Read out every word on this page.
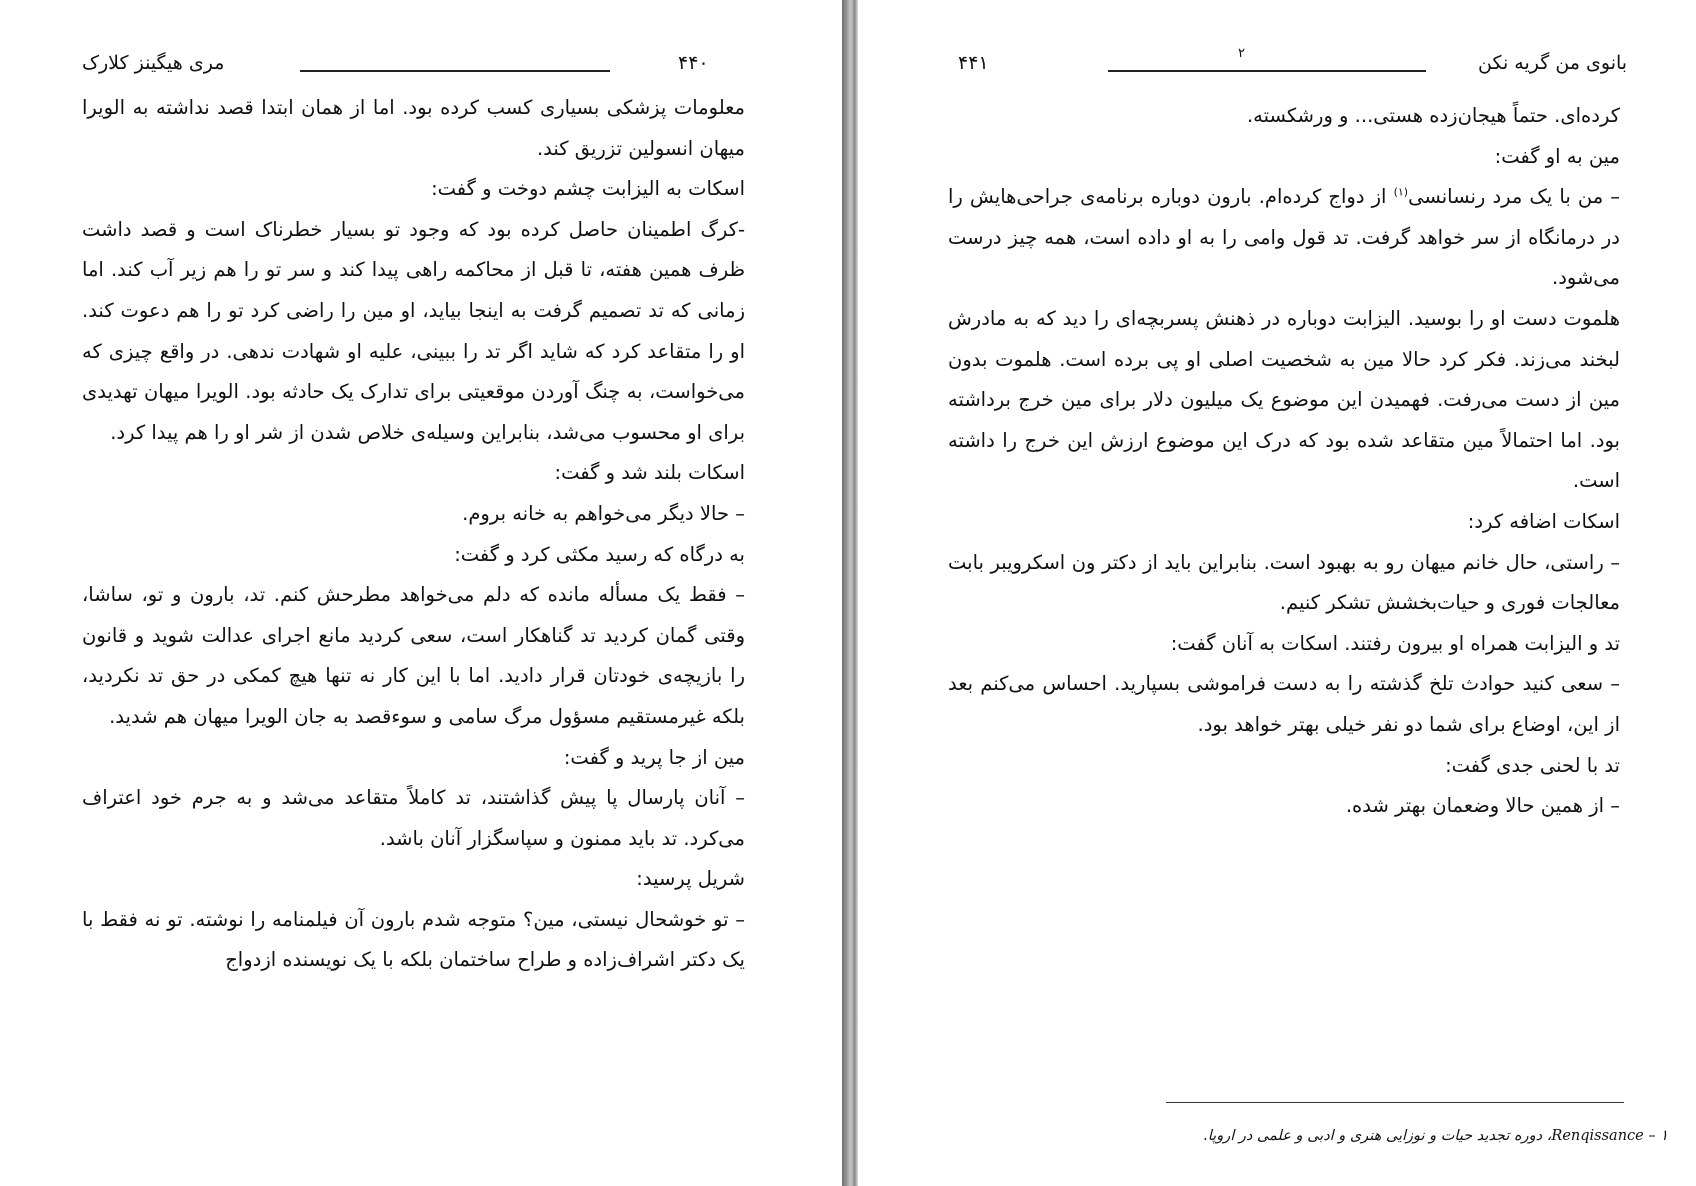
۴۴۰
مری هیگینز کلارک

معلومات پزشکی بسیاری کسب کرده بود. اما از همان ابتدا قصد نداشته به الویرا میهان انسولین تزریق کند.

اسکات به الیزابت چشم دوخت و گفت:

-کرگ اطمینان حاصل کرده بود که وجود تو بسیار خطرناک است و قصد داشت ظرف همین هفته، تا قبل از محاکمه راهی پیدا کند و سر تو را هم زیر آب کند. اما زمانی که تد تصمیم گرفت به اینجا بیاید، او مین را راضی کرد تو را هم دعوت کند. او را متقاعد کرد که شاید اگر تد را ببینی، علیه او شهادت ندهی. در واقع چیزی که می‌خواست، به چنگ آوردن موقعیتی برای تدارک یک حادثه بود. الویرا میهان تهدیدی برای او محسوب می‌شد، بنابراین وسیله‌ی خلاص شدن از شر او را هم پیدا کرد.

اسکات بلند شد و گفت:

– حالا دیگر می‌خواهم به خانه بروم.

به درگاه که رسید مکثی کرد و گفت:

– فقط یک مسأله مانده که دلم می‌خواهد مطرحش کنم. تد، بارون و تو، ساشا، وقتی گمان کردید تد گناهکار است، سعی کردید مانع اجرای عدالت شوید و قانون را بازیچه‌ی خودتان قرار دادید. اما با این کار نه تنها هیچ کمکی در حق تد نکردید، بلکه غیرمستقیم مسؤول مرگ سامی و سوءقصد به جان الویرا میهان هم شدید.

مین از جا پرید و گفت:

– آنان پارسال پا پیش گذاشتند، تد کاملاً متقاعد می‌شد و به جرم خود اعتراف می‌کرد. تد باید ممنون و سپاسگزار آنان باشد.

شریل پرسید:

– تو خوشحال نیستی، مین؟ متوجه شدم بارون آن فیلمنامه را نوشته. تو نه فقط با یک دکتر اشراف‌زاده و طراح ساختمان بلکه با یک نویسنده ازدواج

۴۴۱	۲	بانوی من گریه نکن

کرده‌ای. حتماً هیجان‌زده هستی... و ورشکسته.

مین به او گفت:

– من با یک مرد رنسانسی$^{(۱)}$ از دواج کرده‌ام. بارون دوباره برنامه‌ی جراحی‌هایش را در درمانگاه از سر خواهد گرفت. تد قول وامی را به او داده است، همه چیز درست می‌شود.

هلموت دست او را بوسید. الیزابت دوباره در ذهنش پسربچه‌ای را دید که به مادرش لبخند می‌زند. فکر کرد حالا مین به شخصیت اصلی او پی برده است. هلموت بدون مین از دست می‌رفت. فهمیدن این موضوع یک میلیون دلار برای مین خرج برداشته بود. اما احتمالاً مین متقاعد شده بود که درک این موضوع ارزش این خرج را داشته است.

اسکات اضافه کرد:

– راستی، حال خانم میهان رو به بهبود است. بنابراین باید از دکتر ون اسکرویبر بابت معالجات فوری و حیات‌بخشش تشکر کنیم.

تد و الیزابت همراه او بیرون رفتند. اسکات به آنان گفت:

– سعی کنید حوادث تلخ گذشته را به دست فراموشی بسپارید. احساس می‌کنم بعد از این، اوضاع برای شما دو نفر خیلی بهتر خواهد بود.

تد با لحنی جدی گفت:

– از همین حالا وضعمان بهتر شده.

۱ – Renqissance، دوره تجدید حیات و نوزایی هنری و ادبی و علمی در اروپا.
